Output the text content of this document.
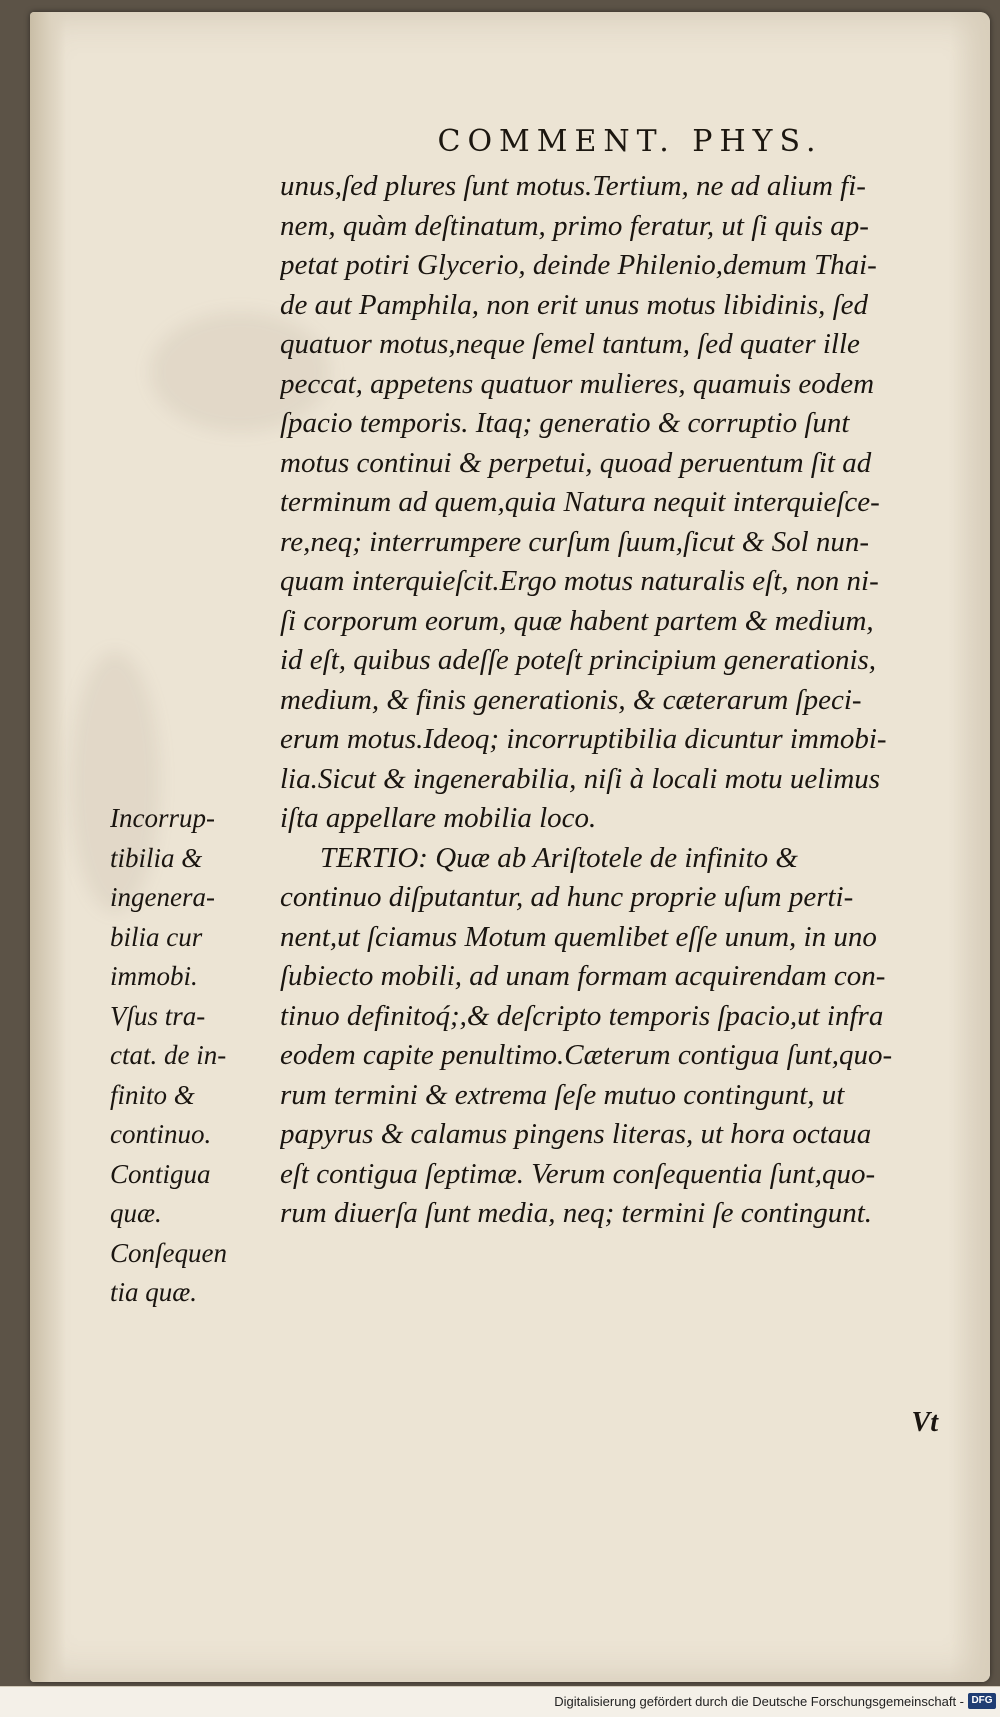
COMMENT. PHYS.
unus,ſed plures ſunt motus.Tertium, ne ad alium fi-
nem, quàm deſtinatum, primo feratur, ut ſi quis ap-
petat potiri Glycerio, deinde Philenio,demum Thai-
de aut Pamphila, non erit unus motus libidinis, ſed
quatuor motus,neque ſemel tantum, ſed quater ille
peccat, appetens quatuor mulieres, quamuis eodem
ſpacio temporis. Itaq; generatio & corruptio ſunt
motus continui & perpetui, quoad peruentum ſit ad
terminum ad quem,quia Natura nequit interquieſce-
re,neq; interrumpere curſum ſuum,ſicut & Sol nun-
quam interquieſcit.Ergo motus naturalis eſt, non ni-
ſi corporum eorum, quæ habent partem & medium,
id eſt, quibus adeſſe poteſt principium generationis,
medium, & finis generationis, & cæterarum ſpeci-
erum motus.Ideoq; incorruptibilia dicuntur immobi-
lia.Sicut & ingenerabilia, niſi à locali motu uelimus
iſta appellare mobilia loco.
TERTIO: Quæ ab Ariſtotele de infinito &
continuo diſputantur, ad hunc proprie uſum perti-
nent,ut ſciamus Motum quemlibet eſſe unum, in uno
ſubiecto mobili, ad unam formam acquirendam con-
tinuo definitoq́;,& deſcripto temporis ſpacio,ut infra
eodem capite penultimo.Cæterum contigua ſunt,quo-
rum termini & extrema ſeſe mutuo contingunt, ut
papyrus & calamus pingens literas, ut hora octaua
eſt contigua ſeptimæ. Verum conſequentia ſunt,quo-
rum diuerſa ſunt media, neq; termini ſe contingunt.
Incorrup-
tibilia &
ingenera-
bilia cur
immobi.
Vſus tra-
ctat. de in-
finito &
continuo.
Contigua
quæ.
Conſequen
tia quæ.
Vt
Digitalisierung gefördert durch die Deutsche Forschungsgemeinschaft - DFG
